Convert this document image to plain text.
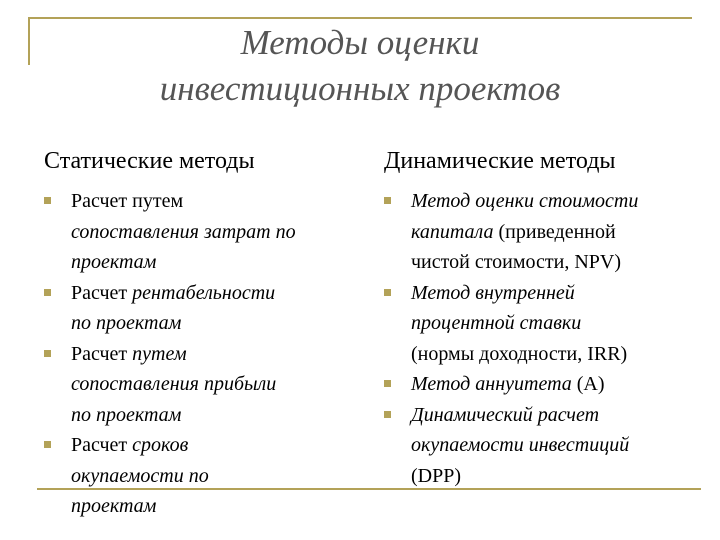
Методы оценки
инвестиционных проектов
Статические методы	Динамические методы
Расчет путем
сопоставления затрат по
проектам
Расчет рентабельности
по проектам
Расчет путем
сопоставления прибыли
по проектам
Расчет сроков
окупаемости по
проектам
Метод оценки стоимости
капитала (приведенной
чистой стоимости, NPV)
Метод внутренней
процентной ставки
(нормы доходности, IRR)
Метод аннуитета (А)
Динамический расчет
окупаемости инвестиций
(DPP)
